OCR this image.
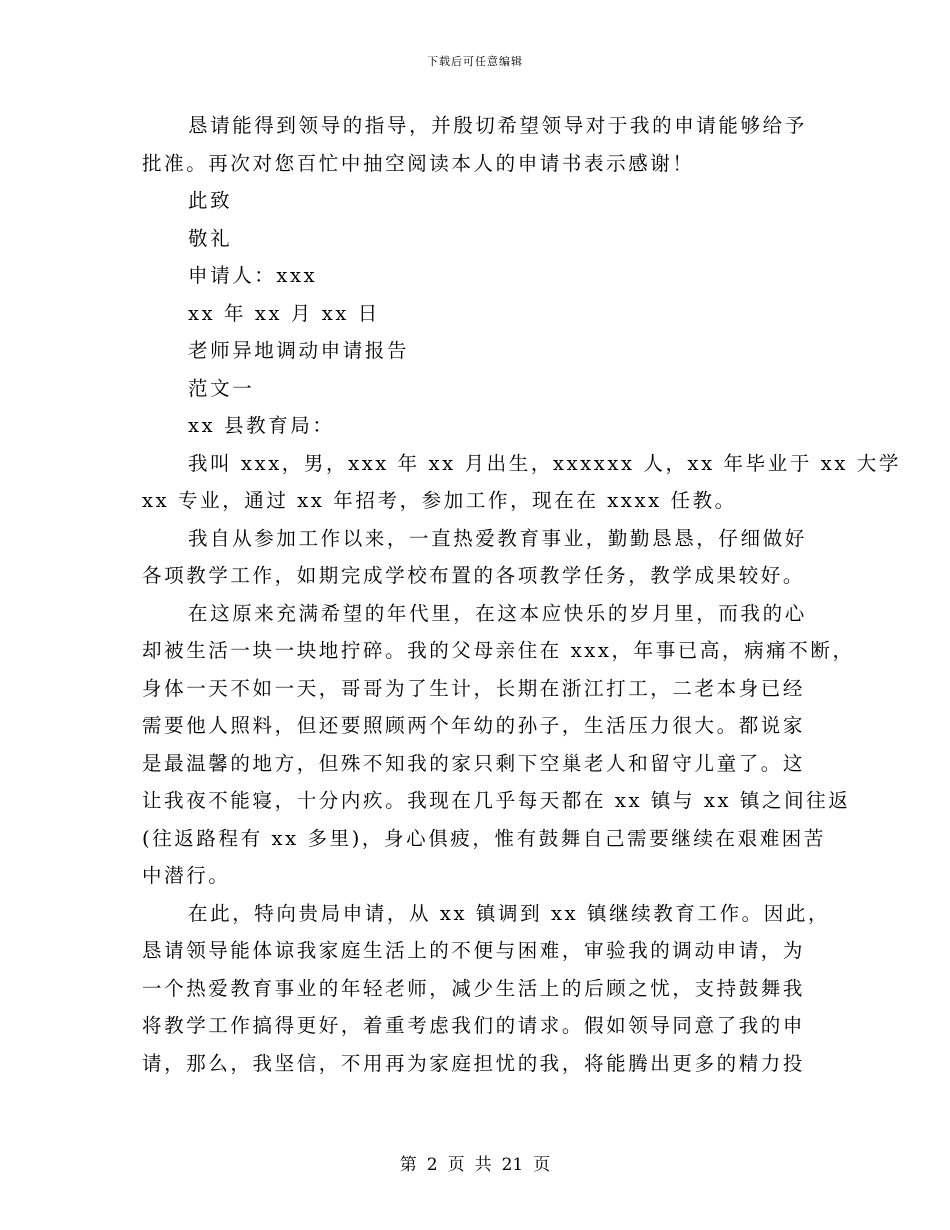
下载后可任意编辑

恳请能得到领导的指导，并殷切希望领导对于我的申请能够给予

批准。再次对您百忙中抽空阅读本人的申请书表示感谢！

此致

敬礼

申请人：xxx

xx 年 xx 月 xx 日

老师异地调动申请报告

范文一

xx 县教育局：

我叫 xxx，男，xxx 年 xx 月出生，xxxxxx 人，xx 年毕业于 xx 大学

xx 专业，通过 xx 年招考，参加工作，现在在 xxxx 任教。

我自从参加工作以来，一直热爱教育事业，勤勤恳恳，仔细做好

各项教学工作，如期完成学校布置的各项教学任务，教学成果较好。

在这原来充满希望的年代里，在这本应快乐的岁月里，而我的心

却被生活一块一块地拧碎。我的父母亲住在 xxx，年事已高，病痛不断，

身体一天不如一天，哥哥为了生计，长期在浙江打工，二老本身已经

需要他人照料，但还要照顾两个年幼的孙子，生活压力很大。都说家

是最温馨的地方，但殊不知我的家只剩下空巢老人和留守儿童了。这

让我夜不能寝，十分内疚。我现在几乎每天都在 xx 镇与 xx 镇之间往返

(往返路程有 xx 多里)，身心俱疲，惟有鼓舞自己需要继续在艰难困苦

中潜行。

在此，特向贵局申请，从 xx 镇调到 xx 镇继续教育工作。因此，

恳请领导能体谅我家庭生活上的不便与困难，审验我的调动申请，为

一个热爱教育事业的年轻老师，减少生活上的后顾之忧，支持鼓舞我

将教学工作搞得更好，着重考虑我们的请求。假如领导同意了我的申

请，那么，我坚信，不用再为家庭担忧的我，将能腾出更多的精力投

第 2 页 共 21 页
